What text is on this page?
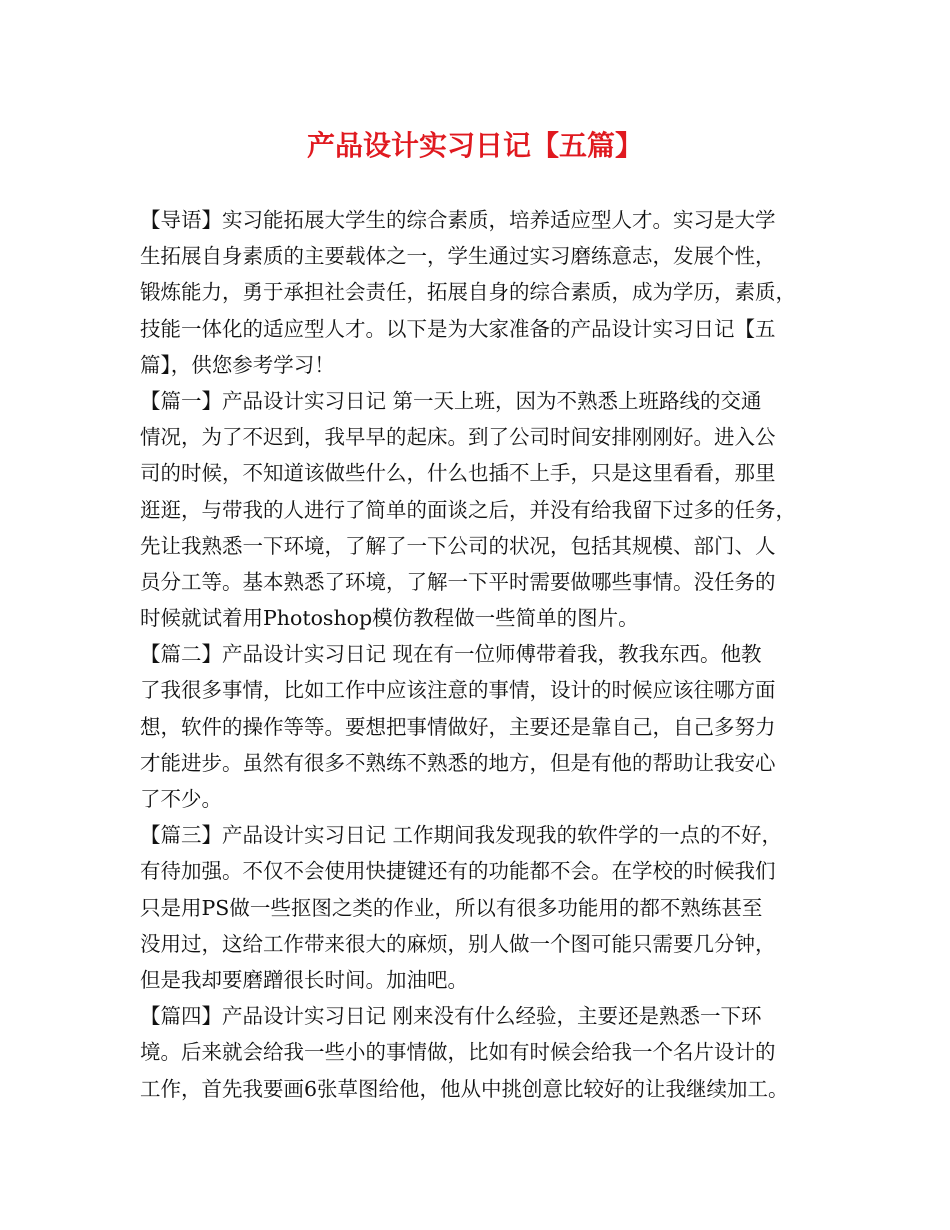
产品设计实习日记【五篇】
【导语】实习能拓展大学生的综合素质，培养适应型人才。实习是大学
生拓展自身素质的主要载体之一，学生通过实习磨练意志，发展个性，
锻炼能力，勇于承担社会责任，拓展自身的综合素质，成为学历，素质，
技能一体化的适应型人才。以下是为大家准备的产品设计实习日记【五
篇】，供您参考学习！
【篇一】产品设计实习日记 第一天上班，因为不熟悉上班路线的交通
情况，为了不迟到，我早早的起床。到了公司时间安排刚刚好。进入公
司的时候，不知道该做些什么，什么也插不上手，只是这里看看，那里
逛逛，与带我的人进行了简单的面谈之后，并没有给我留下过多的任务，
先让我熟悉一下环境，了解了一下公司的状况，包括其规模、部门、人
员分工等。基本熟悉了环境，了解一下平时需要做哪些事情。没任务的
时候就试着用Photoshop模仿教程做一些简单的图片。
【篇二】产品设计实习日记 现在有一位师傅带着我，教我东西。他教
了我很多事情，比如工作中应该注意的事情，设计的时候应该往哪方面
想，软件的操作等等。要想把事情做好，主要还是靠自己，自己多努力
才能进步。虽然有很多不熟练不熟悉的地方，但是有他的帮助让我安心
了不少。
【篇三】产品设计实习日记 工作期间我发现我的软件学的一点的不好，
有待加强。不仅不会使用快捷键还有的功能都不会。在学校的时候我们
只是用PS做一些抠图之类的作业，所以有很多功能用的都不熟练甚至
没用过，这给工作带来很大的麻烦，别人做一个图可能只需要几分钟，
但是我却要磨蹭很长时间。加油吧。
【篇四】产品设计实习日记 刚来没有什么经验，主要还是熟悉一下环
境。后来就会给我一些小的事情做，比如有时候会给我一个名片设计的
工作，首先我要画6张草图给他，他从中挑创意比较好的让我继续加工。
